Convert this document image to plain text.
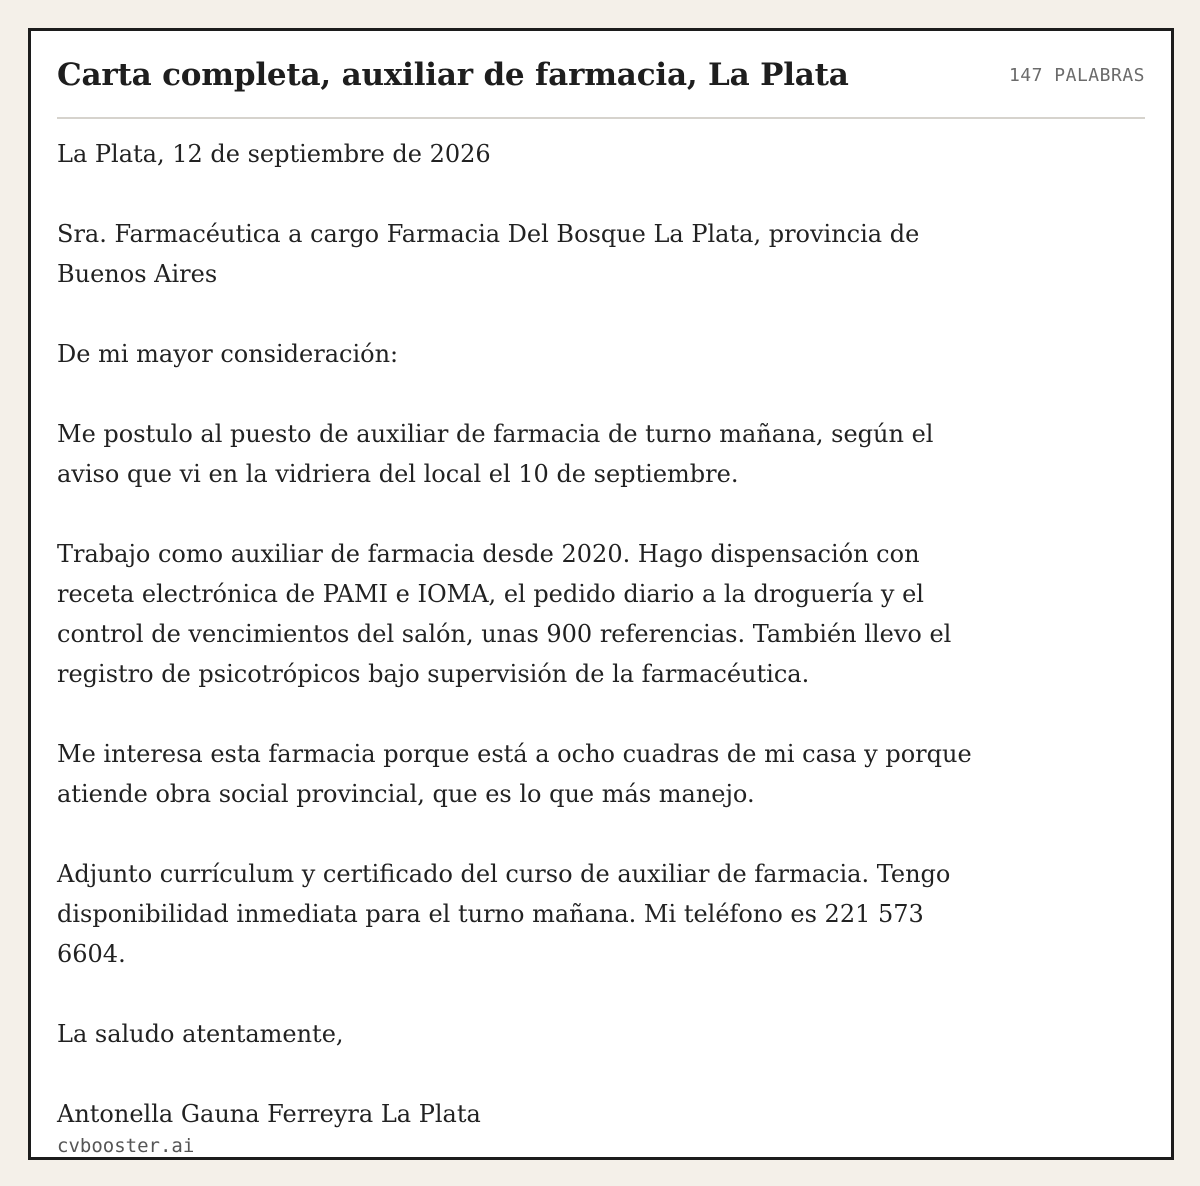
Carta completa, auxiliar de farmacia, La Plata	147 PALABRAS

La Plata, 12 de septiembre de 2026

Sra. Farmacéutica a cargo Farmacia Del Bosque La Plata, provincia de Buenos Aires

De mi mayor consideración:

Me postulo al puesto de auxiliar de farmacia de turno mañana, según el aviso que vi en la vidriera del local el 10 de septiembre.

Trabajo como auxiliar de farmacia desde 2020. Hago dispensación con receta electrónica de PAMI e IOMA, el pedido diario a la droguería y el control de vencimientos del salón, unas 900 referencias. También llevo el registro de psicotrópicos bajo supervisión de la farmacéutica.

Me interesa esta farmacia porque está a ocho cuadras de mi casa y porque atiende obra social provincial, que es lo que más manejo.

Adjunto currículum y certificado del curso de auxiliar de farmacia. Tengo disponibilidad inmediata para el turno mañana. Mi teléfono es 221 573 6604.

La saludo atentamente,

Antonella Gauna Ferreyra La Plata

cvbooster.ai
